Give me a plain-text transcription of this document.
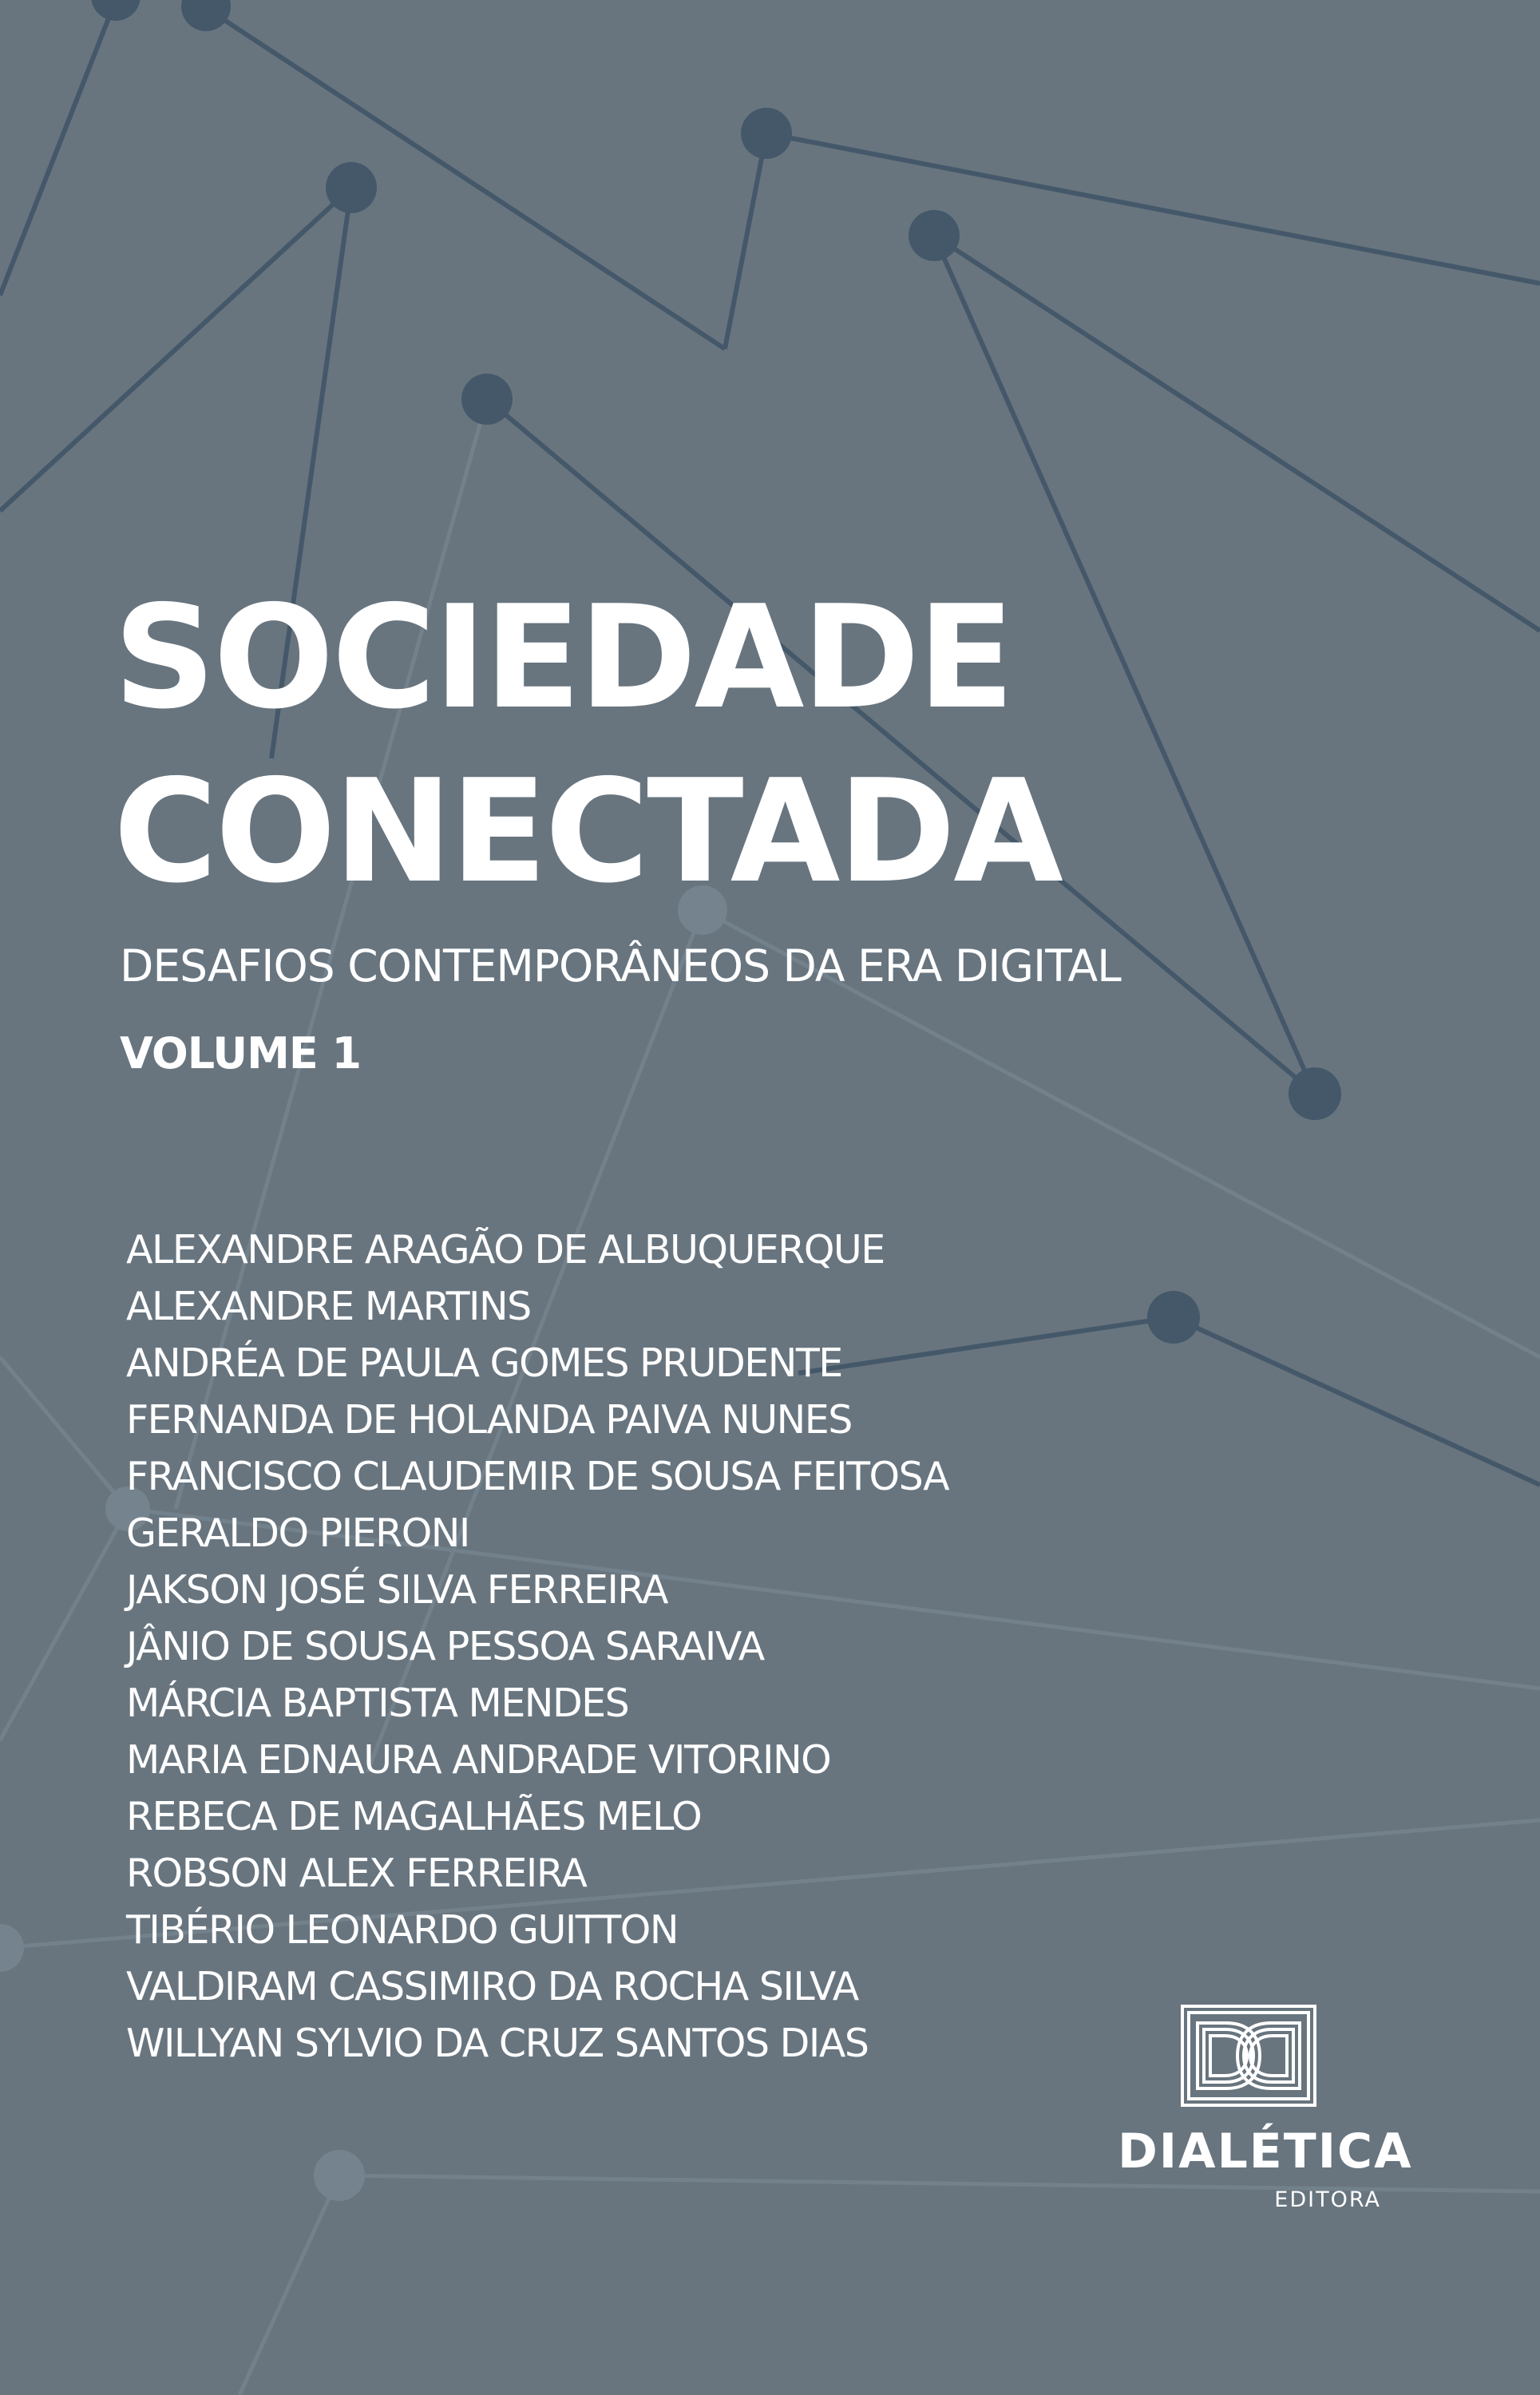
SOCIEDADE
CONECTADA
DESAFIOS CONTEMPORÂNEOS DA ERA DIGITAL
VOLUME 1
ALEXANDRE ARAGÃO DE ALBUQUERQUE
ALEXANDRE MARTINS
ANDRÉA DE PAULA GOMES PRUDENTE
FERNANDA DE HOLANDA PAIVA NUNES
FRANCISCO CLAUDEMIR DE SOUSA FEITOSA
GERALDO PIERONI
JAKSON JOSÉ SILVA FERREIRA
JÂNIO DE SOUSA PESSOA SARAIVA
MÁRCIA BAPTISTA MENDES
MARIA EDNAURA ANDRADE VITORINO
REBECA DE MAGALHÃES MELO
ROBSON ALEX FERREIRA
TIBÉRIO LEONARDO GUITTON
VALDIRAM CASSIMIRO DA ROCHA SILVA
WILLYAN SYLVIO DA CRUZ SANTOS DIAS
DIALÉTICA
EDITORA
